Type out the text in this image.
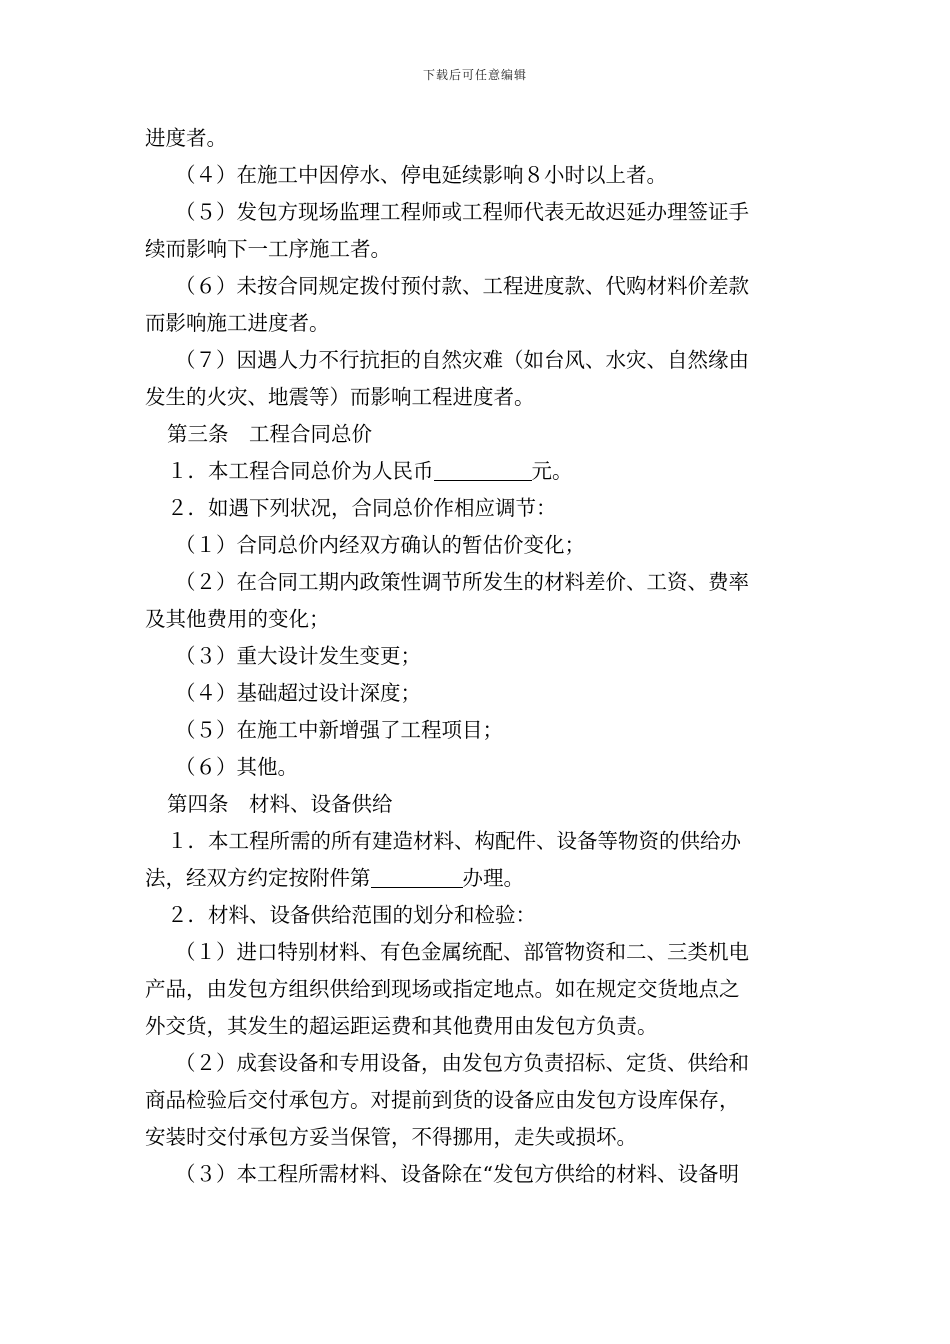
下载后可任意编辑
进度者。
（４）在施工中因停水、停电延续影响８小时以上者。
（５）发包方现场监理工程师或工程师代表无故迟延办理签证手
续而影响下一工序施工者。
（６）未按合同规定拨付预付款、工程进度款、代购材料价差款
而影响施工进度者。
（７）因遇人力不行抗拒的自然灾难（如台风、水灾、自然缘由
发生的火灾、地震等）而影响工程进度者。
第三条　工程合同总价
１．本工程合同总价为人民币	元。
２．如遇下列状况，合同总价作相应调节：
（１）合同总价内经双方确认的暂估价变化；
（２）在合同工期内政策性调节所发生的材料差价、工资、费率
及其他费用的变化；
（３）重大设计发生变更；
（４）基础超过设计深度；
（５）在施工中新增强了工程项目；
（６）其他。
第四条　材料、设备供给
１．本工程所需的所有建造材料、构配件、设备等物资的供给办
法，经双方约定按附件第	办理。
２．材料、设备供给范围的划分和检验：
（１）进口特别材料、有色金属统配、部管物资和二、三类机电
产品，由发包方组织供给到现场或指定地点。如在规定交货地点之
外交货，其发生的超运距运费和其他费用由发包方负责。
（２）成套设备和专用设备，由发包方负责招标、定货、供给和
商品检验后交付承包方。对提前到货的设备应由发包方设库保存，
安装时交付承包方妥当保管，不得挪用，走失或损坏。
（３）本工程所需材料、设备除在“发包方供给的材料、设备明
